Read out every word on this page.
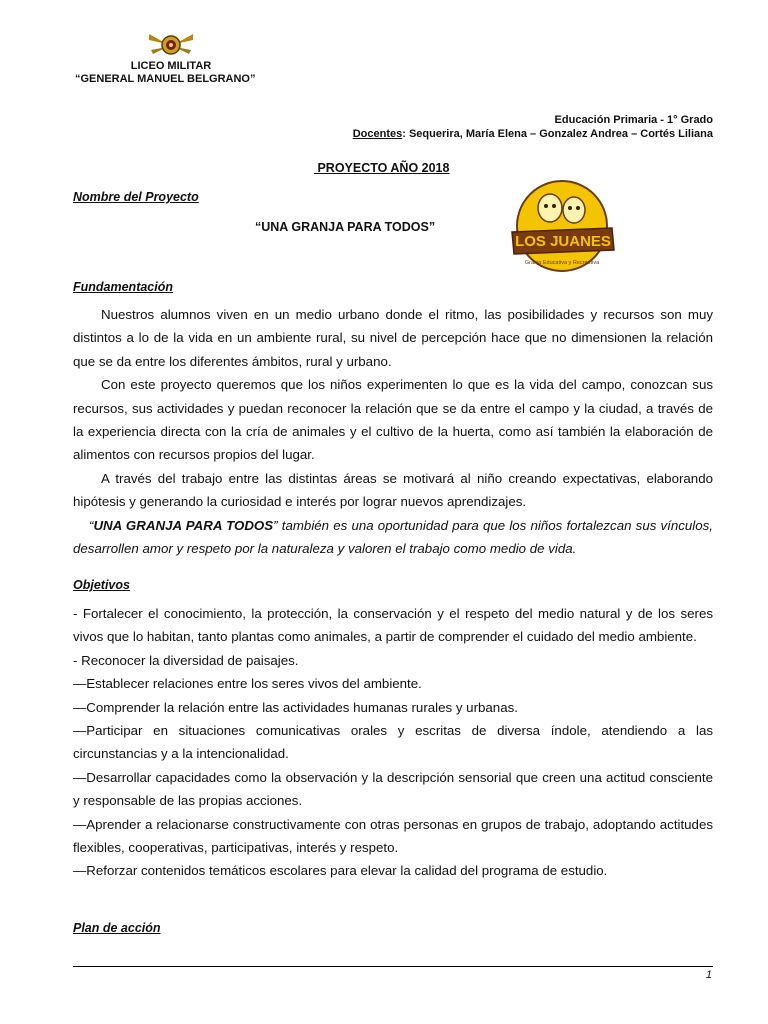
LICEO MILITAR
“GENERAL MANUEL BELGRANO”
Educación Primaria - 1° Grado
Docentes: Sequerira, María Elena – Gonzalez Andrea – Cortés Liliana
PROYECTO AÑO 2018
Nombre del Proyecto
“UNA GRANJA PARA TODOS”
LOS JUANES
Granja Educativa y Recreativa
Fundamentación

Nuestros alumnos viven en un medio urbano donde el ritmo, las posibilidades y recursos son muy distintos a lo de la vida en un ambiente rural, su nivel de percepción hace que no dimensionen la relación que se da entre los diferentes ámbitos, rural y urbano.

Con este proyecto queremos que los niños experimenten lo que es la vida del campo, conozcan sus recursos, sus actividades y puedan reconocer la relación que se da entre el campo y la ciudad, a través de la experiencia directa con la cría de animales y el cultivo de la huerta, como así también la elaboración de alimentos con recursos propios del lugar.

A través del trabajo entre las distintas áreas se motivará al niño creando expectativas, elaborando hipótesis y generando la curiosidad e interés por lograr nuevos aprendizajes.

“UNA GRANJA PARA TODOS” también es una oportunidad para que los niños fortalezcan sus vínculos, desarrollen amor y respeto por la naturaleza y valoren el trabajo como medio de vida.

Objetivos

- Fortalecer el conocimiento, la protección, la conservación y el respeto del medio natural y de los seres vivos que lo habitan, tanto plantas como animales, a partir de comprender el cuidado del medio ambiente.

- Reconocer la diversidad de paisajes.

—Establecer relaciones entre los seres vivos del ambiente.

—Comprender la relación entre las actividades humanas rurales y urbanas.

—Participar en situaciones comunicativas orales y escritas de diversa índole, atendiendo a las circunstancias y a la intencionalidad.

—Desarrollar capacidades como la observación y la descripción sensorial que creen una actitud consciente y responsable de las propias acciones.

—Aprender a relacionarse constructivamente con otras personas en grupos de trabajo, adoptando actitudes flexibles, cooperativas, participativas, interés y respeto.

—Reforzar contenidos temáticos escolares para elevar la calidad del programa de estudio.

Plan de acción
1
